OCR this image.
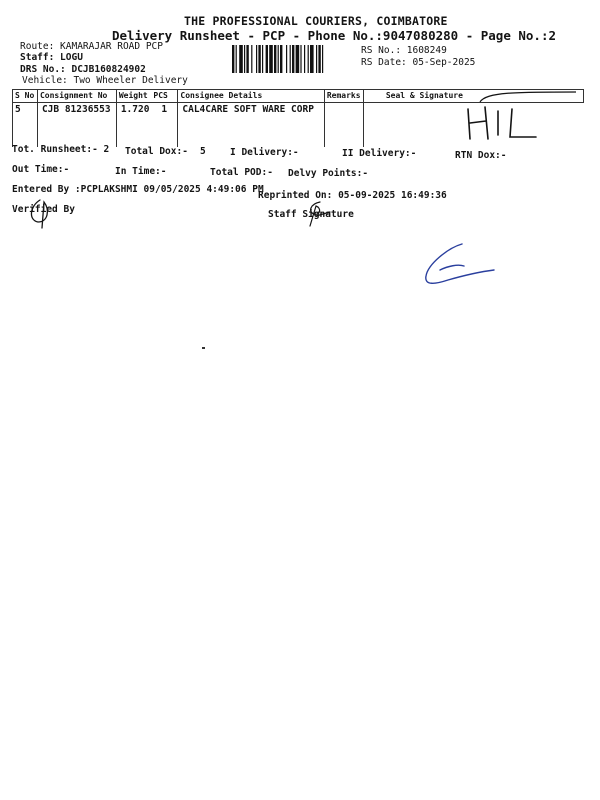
THE PROFESSIONAL COURIERS, COIMBATORE
Delivery Runsheet - PCP - Phone No.:9047080280 - Page No.:2
Route: KAMARAJAR ROAD PCP
Staff: LOGU
DRS No.: DCJB160824902
Vehicle: Two Wheeler Delivery
RS No.: 1608249
RS Date: 05-Sep-2025
S No	Consignment No	Weight	PCS	Consignee Details	Remarks	Seal & Signature
5	CJB 81236553	1.720	1	CAL4CARE SOFT WARE CORP		
Tot. Runsheet:- 2 Total Dox:- 5	I Delivery:-	II Delivery:-	RTN Dox:-
Out Time:-	In Time:-	Total POD:- Delvy Points:-
Entered By :PCPLAKSHMI 09/05/2025 4:49:06 PM
Reprinted On: 05-09-2025 16:49:36
Verified By	Staff Signature
